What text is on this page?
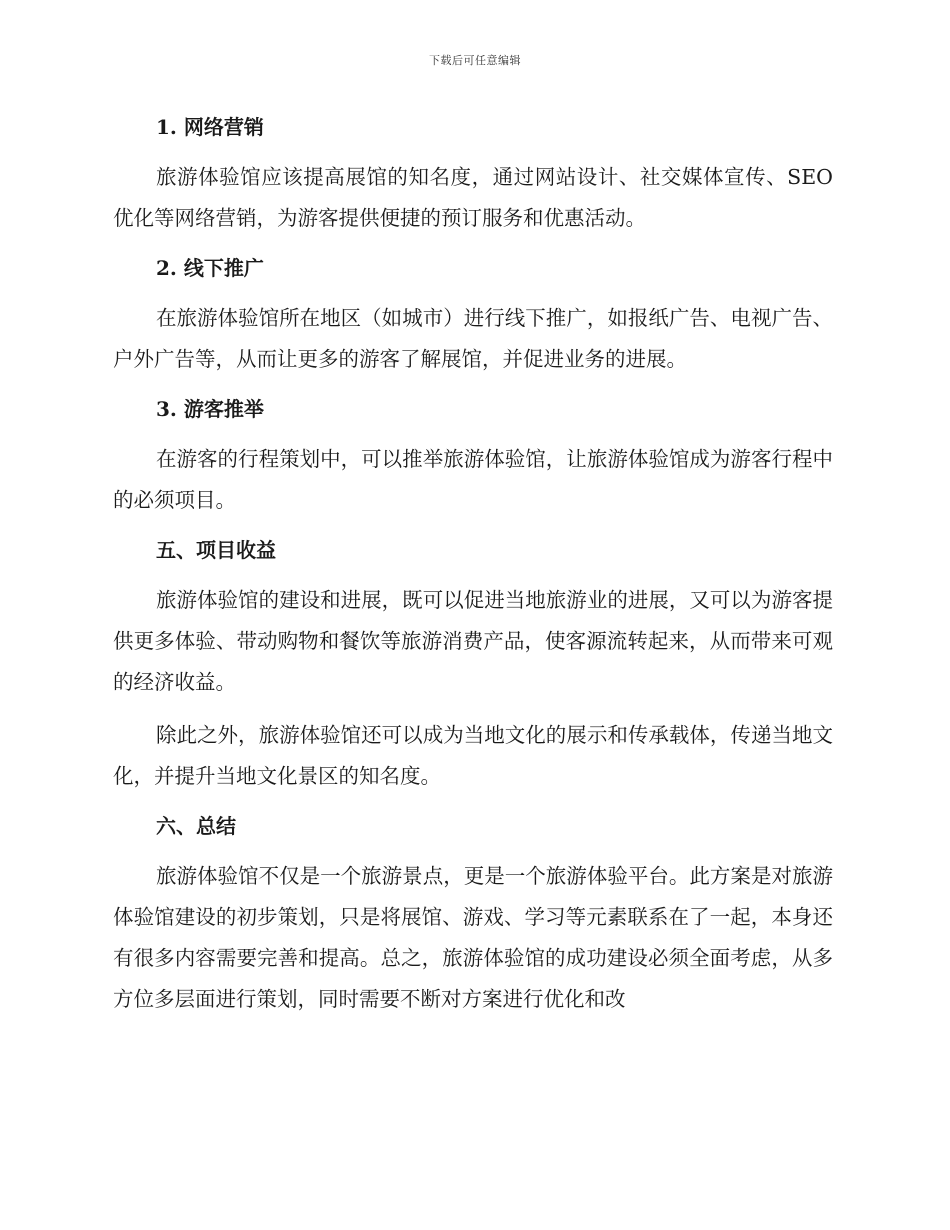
下载后可任意编辑
1. 网络营销

旅游体验馆应该提高展馆的知名度，通过网站设计、社交媒体宣传、SEO 优化等网络营销，为游客提供便捷的预订服务和优惠活动。

2. 线下推广

在旅游体验馆所在地区（如城市）进行线下推广，如报纸广告、电视广告、户外广告等，从而让更多的游客了解展馆，并促进业务的进展。

3. 游客推举

在游客的行程策划中，可以推举旅游体验馆，让旅游体验馆成为游客行程中的必须项目。

五、项目收益

旅游体验馆的建设和进展，既可以促进当地旅游业的进展，又可以为游客提供更多体验、带动购物和餐饮等旅游消费产品，使客源流转起来，从而带来可观的经济收益。

除此之外，旅游体验馆还可以成为当地文化的展示和传承载体，传递当地文化，并提升当地文化景区的知名度。

六、总结

旅游体验馆不仅是一个旅游景点，更是一个旅游体验平台。此方案是对旅游体验馆建设的初步策划，只是将展馆、游戏、学习等元素联系在了一起，本身还有很多内容需要完善和提高。总之，旅游体验馆的成功建设必须全面考虑，从多方位多层面进行策划，同时需要不断对方案进行优化和改
